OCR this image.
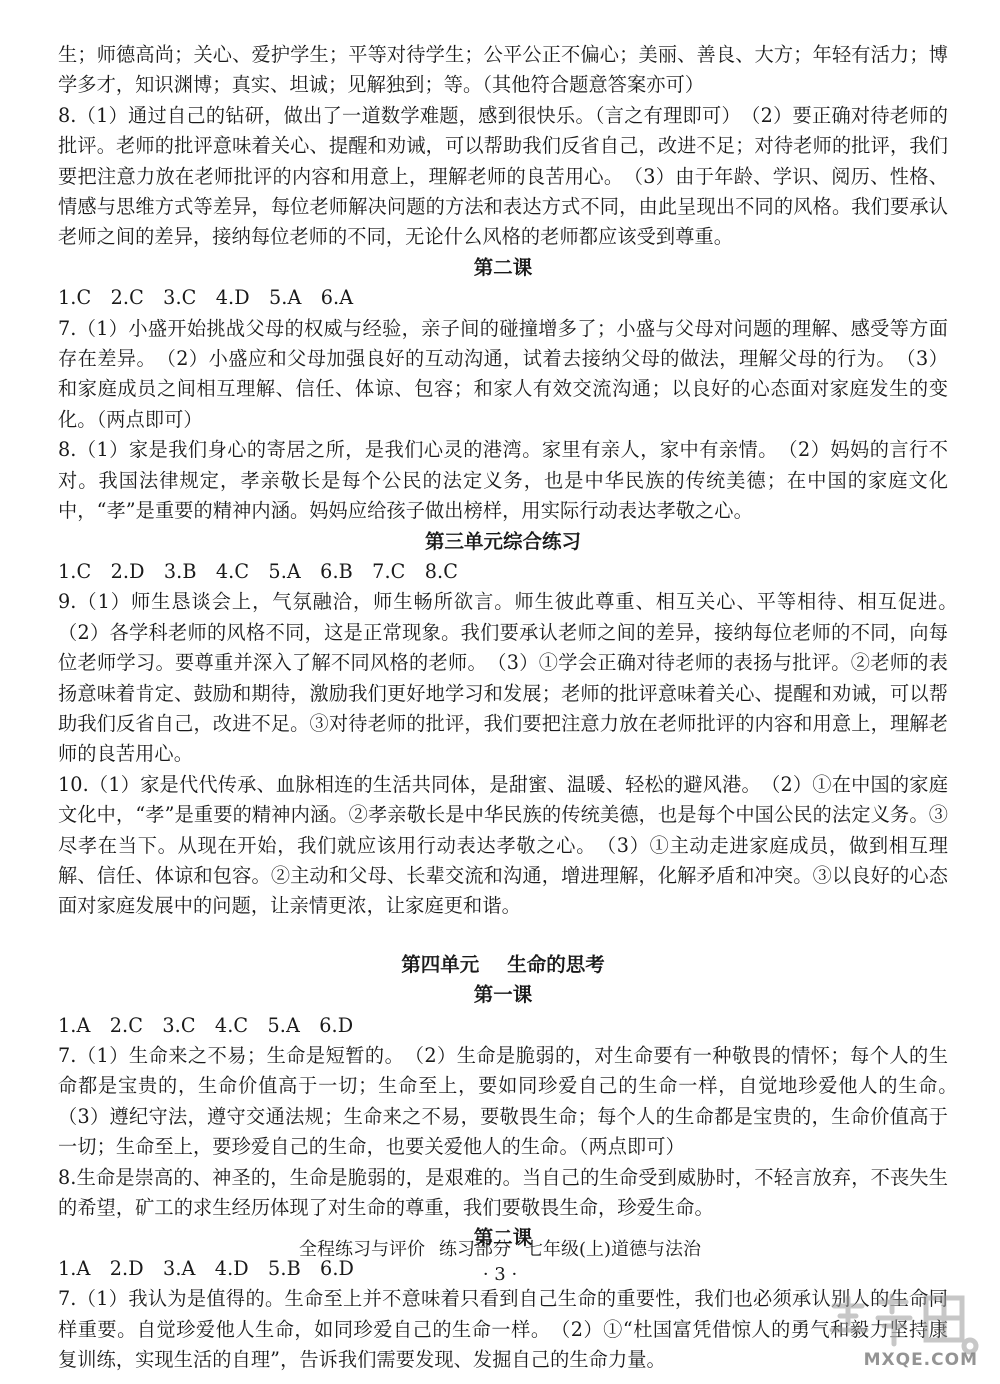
生；师德高尚；关心、爱护学生；平等对待学生；公平公正不偏心；美丽、善良、大方；年轻有活力；博学多才，知识渊博；真实、坦诚；见解独到；等。（其他符合题意答案亦可）
8.（1）通过自己的钻研，做出了一道数学难题，感到很快乐。（言之有理即可）　（2）要正确对待老师的批评。老师的批评意味着关心、提醒和劝诫，可以帮助我们反省自己，改进不足；对待老师的批评，我们要把注意力放在老师批评的内容和用意上，理解老师的良苦用心。　（3）由于年龄、学识、阅历、性格、情感与思维方式等差异，每位老师解决问题的方法和表达方式不同，由此呈现出不同的风格。我们要承认老师之间的差异，接纳每位老师的不同，无论什么风格的老师都应该受到尊重。
第二课
1.C　2.C　3.C　4.D　5.A　6.A
7.（1）小盛开始挑战父母的权威与经验，亲子间的碰撞增多了；小盛与父母对问题的理解、感受等方面存在差异。　（2）小盛应和父母加强良好的互动沟通，试着去接纳父母的做法，理解父母的行为。　（3）和家庭成员之间相互理解、信任、体谅、包容；和家人有效交流沟通；以良好的心态面对家庭发生的变化。（两点即可）
8.（1）家是我们身心的寄居之所，是我们心灵的港湾。家里有亲人，家中有亲情。　（2）妈妈的言行不对。我国法律规定，孝亲敬长是每个公民的法定义务，也是中华民族的传统美德；在中国的家庭文化中，“孝”是重要的精神内涵。妈妈应给孩子做出榜样，用实际行动表达孝敬之心。
第三单元综合练习
1.C　2.D　3.B　4.C　5.A　6.B　7.C　8.C
9.（1）师生恳谈会上，气氛融洽，师生畅所欲言。师生彼此尊重、相互关心、平等相待、相互促进。　（2）各学科老师的风格不同，这是正常现象。我们要承认老师之间的差异，接纳每位老师的不同，向每位老师学习。要尊重并深入了解不同风格的老师。　（3）①学会正确对待老师的表扬与批评。②老师的表扬意味着肯定、鼓励和期待，激励我们更好地学习和发展；老师的批评意味着关心、提醒和劝诫，可以帮助我们反省自己，改进不足。③对待老师的批评，我们要把注意力放在老师批评的内容和用意上，理解老师的良苦用心。
10.（1）家是代代传承、血脉相连的生活共同体，是甜蜜、温暖、轻松的避风港。　（2）①在中国的家庭文化中，“孝”是重要的精神内涵。②孝亲敬长是中华民族的传统美德，也是每个中国公民的法定义务。③尽孝在当下。从现在开始，我们就应该用行动表达孝敬之心。　（3）①主动走进家庭成员，做到相互理解、信任、体谅和包容。②主动和父母、长辈交流和沟通，增进理解，化解矛盾和冲突。③以良好的心态面对家庭发展中的问题，让亲情更浓，让家庭更和谐。
第四单元 生命的思考
第一课
1.A　2.C　3.C　4.C　5.A　6.D
7.（1）生命来之不易；生命是短暂的。　（2）生命是脆弱的，对生命要有一种敬畏的情怀；每个人的生命都是宝贵的，生命价值高于一切；生命至上，要如同珍爱自己的生命一样，自觉地珍爱他人的生命。　（3）遵纪守法，遵守交通法规；生命来之不易，要敬畏生命；每个人的生命都是宝贵的，生命价值高于一切；生命至上，要珍爱自己的生命，也要关爱他人的生命。（两点即可）
8.生命是崇高的、神圣的，生命是脆弱的，是艰难的。当自己的生命受到威胁时，不轻言放弃，不丧失生的希望，矿工的求生经历体现了对生命的尊重，我们要敬畏生命，珍爱生命。
第二课
1.A　2.D　3.A　4.D　5.B　6.D
7.（1）我认为是值得的。生命至上并不意味着只看到自己生命的重要性，我们也必须承认别人的生命同样重要。自觉珍爱他人生命，如同珍爱自己的生命一样。　（2）①“杜国富凭借惊人的勇气和毅力坚持康复训练，实现生活的自理”，告诉我们需要发现、发掘自己的生命力量。
全程练习与评价 练习部分 七年级(上)道德与法治
· 3 ·
MXQE.COM
